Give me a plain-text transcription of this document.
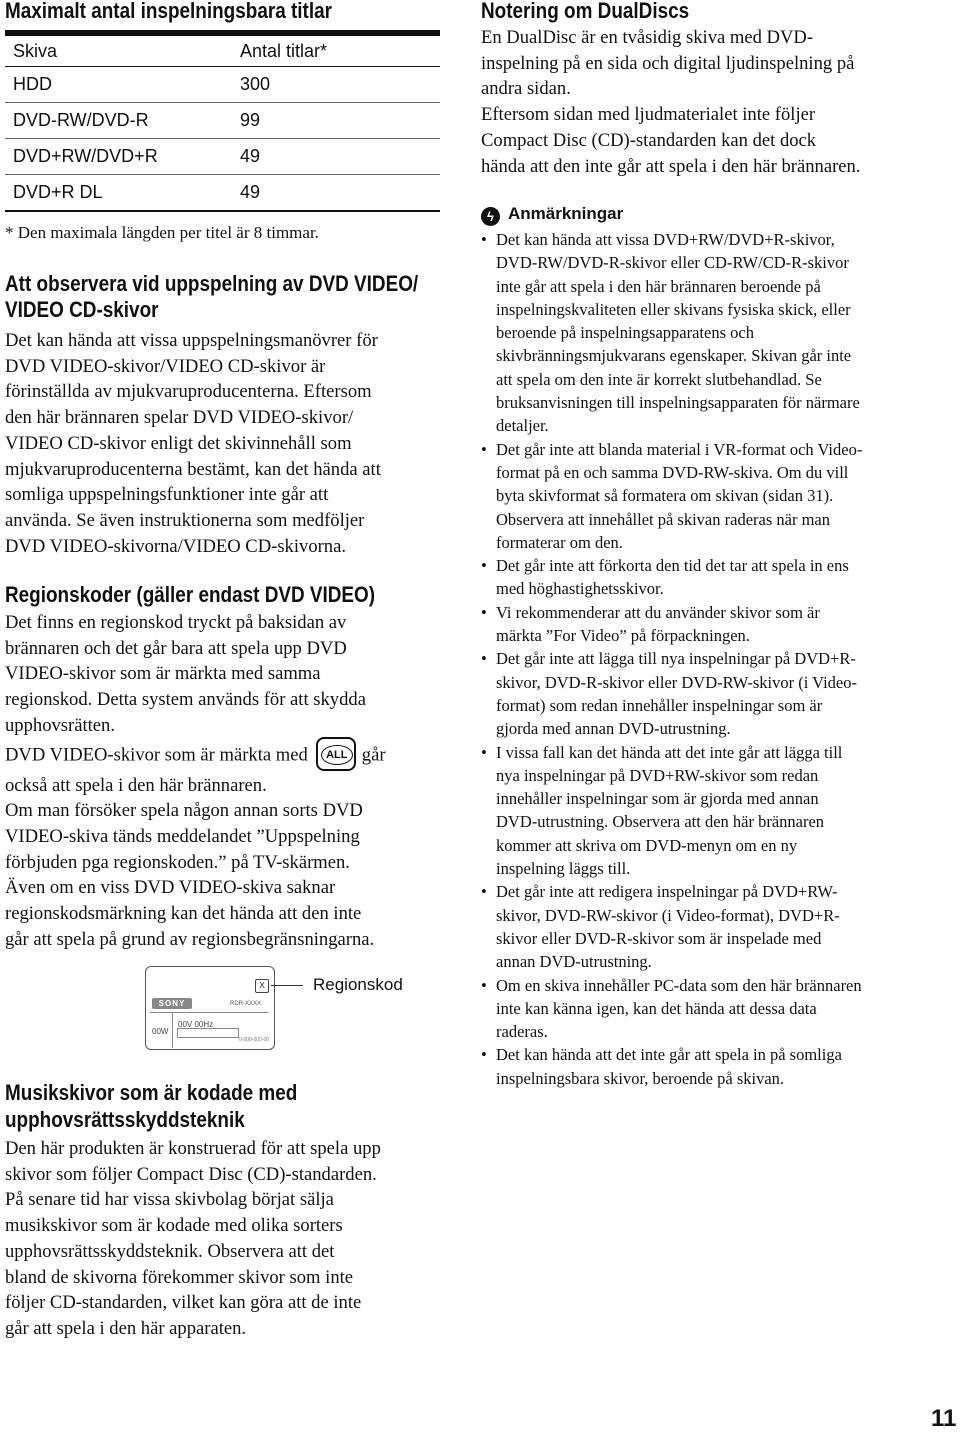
Maximalt antal inspelningsbara titlar
Skiva	Antal titlar*
HDD	300
DVD-RW/DVD-R	99
DVD+RW/DVD+R	49
DVD+R DL	49

* Den maximala längden per titel är 8 timmar.

Att observera vid uppspelning av DVD VIDEO/
VIDEO CD-skivor

Det kan hända att vissa uppspelningsmanövrer för
DVD VIDEO-skivor/VIDEO CD-skivor är
förinställda av mjukvaruproducenterna. Eftersom
den här brännaren spelar DVD VIDEO-skivor/
VIDEO CD-skivor enligt det skivinnehåll som
mjukvaruproducenterna bestämt, kan det hända att
somliga uppspelningsfunktioner inte går att
använda. Se även instruktionerna som medföljer
DVD VIDEO-skivorna/VIDEO CD-skivorna.

Regionskoder (gäller endast DVD VIDEO)

Det finns en regionskod tryckt på baksidan av
brännaren och det går bara att spela upp DVD
VIDEO-skivor som är märkta med samma
regionskod. Detta system används för att skydda
upphovsrätten.
DVD VIDEO-skivor som är märkta med	ALL går
också att spela i den här brännaren.
Om man försöker spela någon annan sorts DVD
VIDEO-skiva tänds meddelandet ”Uppspelning
förbjuden pga regionskoden.” på TV-skärmen.
Även om en viss DVD VIDEO-skiva saknar
regionskodsmärkning kan det hända att den inte
går att spela på grund av regionsbegränsningarna.

X
SONY	RDR-XXXX
00W
00V 00Hz
0-000-000-00
Regionskod
Musikskivor som är kodade med
upphovsrättsskyddsteknik

Den här produkten är konstruerad för att spela upp
skivor som följer Compact Disc (CD)-standarden.
På senare tid har vissa skivbolag börjat sälja
musikskivor som är kodade med olika sorters
upphovsrättsskyddsteknik. Observera att det
bland de skivorna förekommer skivor som inte
följer CD-standarden, vilket kan göra att de inte
går att spela i den här apparaten.

Notering om DualDiscs

En DualDisc är en tvåsidig skiva med DVD-
inspelning på en sida och digital ljudinspelning på
andra sidan.
Eftersom sidan med ljudmaterialet inte följer
Compact Disc (CD)-standarden kan det dock
hända att den inte går att spela i den här brännaren.

ϟ Anmärkningar
• Det kan hända att vissa DVD+RW/DVD+R-skivor,
DVD-RW/DVD-R-skivor eller CD-RW/CD-R-skivor
inte går att spela i den här brännaren beroende på
inspelningskvaliteten eller skivans fysiska skick, eller
beroende på inspelningsapparatens och
skivbränningsmjukvarans egenskaper. Skivan går inte
att spela om den inte är korrekt slutbehandlad. Se
bruksanvisningen till inspelningsapparaten för närmare
detaljer.
• Det går inte att blanda material i VR-format och Video-
format på en och samma DVD-RW-skiva. Om du vill
byta skivformat så formatera om skivan (sidan 31).
Observera att innehållet på skivan raderas när man
formaterar om den.
• Det går inte att förkorta den tid det tar att spela in ens
med höghastighetsskivor.
• Vi rekommenderar att du använder skivor som är
märkta ”For Video” på förpackningen.
• Det går inte att lägga till nya inspelningar på DVD+R-
skivor, DVD-R-skivor eller DVD-RW-skivor (i Video-
format) som redan innehåller inspelningar som är
gjorda med annan DVD-utrustning.
• I vissa fall kan det hända att det inte går att lägga till
nya inspelningar på DVD+RW-skivor som redan
innehåller inspelningar som är gjorda med annan
DVD-utrustning. Observera att den här brännaren
kommer att skriva om DVD-menyn om en ny
inspelning läggs till.
• Det går inte att redigera inspelningar på DVD+RW-
skivor, DVD-RW-skivor (i Video-format), DVD+R-
skivor eller DVD-R-skivor som är inspelade med
annan DVD-utrustning.
• Om en skiva innehåller PC-data som den här brännaren
inte kan känna igen, kan det hända att dessa data
raderas.
• Det kan hända att det inte går att spela in på somliga
inspelningsbara skivor, beroende på skivan.
11
